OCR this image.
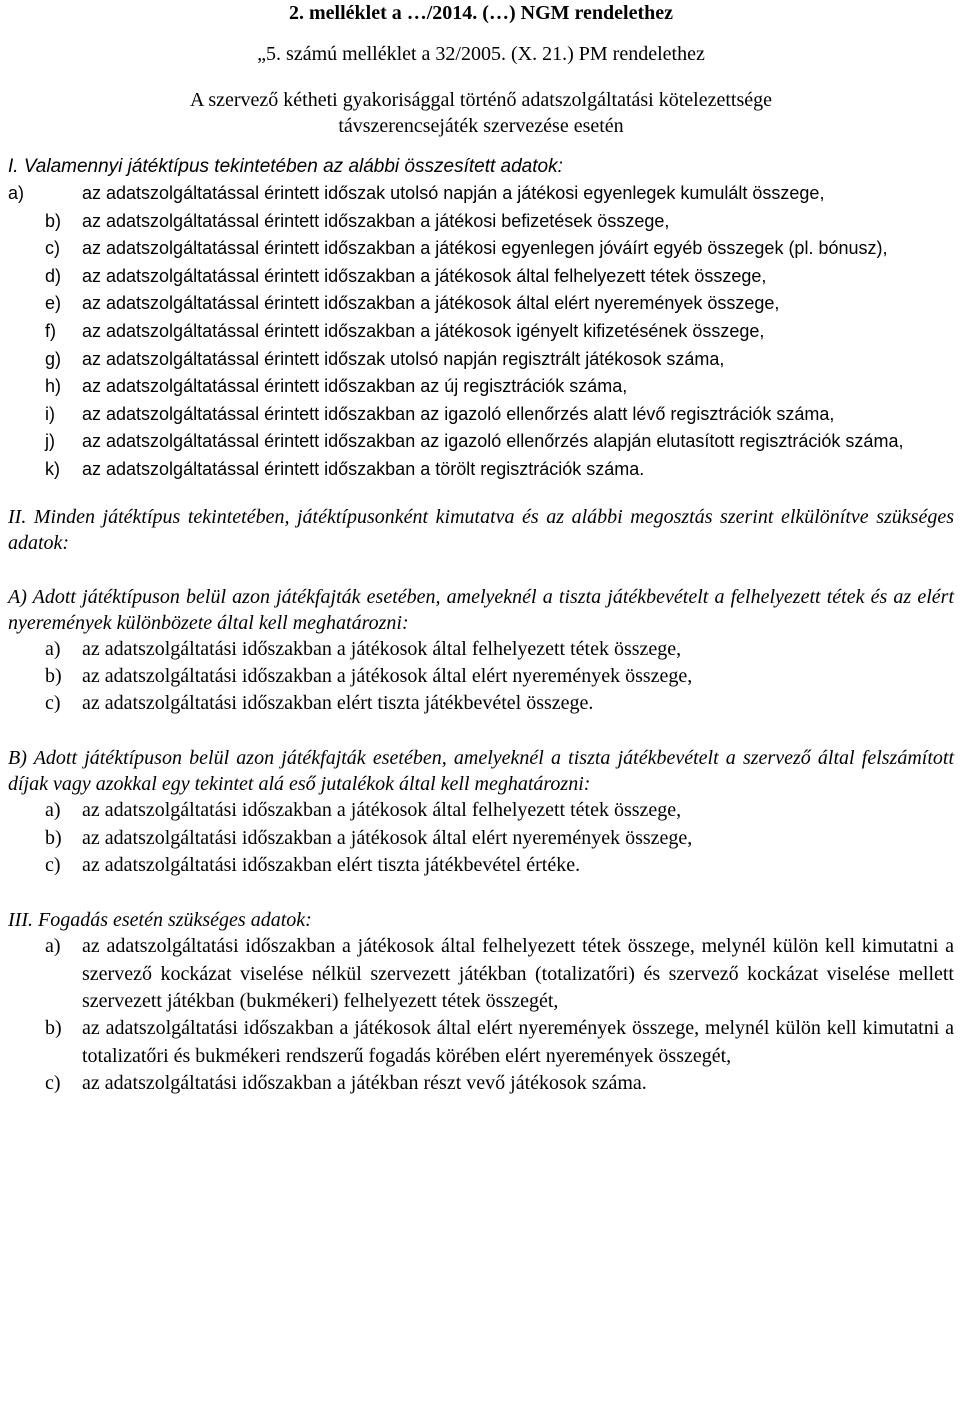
2. melléklet a …/2014. (…) NGM rendelethez
„5. számú melléklet a 32/2005. (X. 21.) PM rendelethez
A szervező kétheti gyakorisággal történő adatszolgáltatási kötelezettsége
távszerencsejáték szervezése esetén
I. Valamennyi játéktípus tekintetében az alábbi összesített adatok:
a)	az adatszolgáltatással érintett időszak utolsó napján a játékosi egyenlegek kumulált összege,
b) az adatszolgáltatással érintett időszakban a játékosi befizetések összege,
c) az adatszolgáltatással érintett időszakban a játékosi egyenlegen jóváírt egyéb összegek (pl. bónusz),
d) az adatszolgáltatással érintett időszakban a játékosok által felhelyezett tétek összege,
e) az adatszolgáltatással érintett időszakban a játékosok által elért nyeremények összege,
f) az adatszolgáltatással érintett időszakban a játékosok igényelt kifizetésének összege,
g) az adatszolgáltatással érintett időszak utolsó napján regisztrált játékosok száma,
h) az adatszolgáltatással érintett időszakban az új regisztrációk száma,
i) az adatszolgáltatással érintett időszakban az igazoló ellenőrzés alatt lévő regisztrációk száma,
j) az adatszolgáltatással érintett időszakban az igazoló ellenőrzés alapján elutasított regisztrációk száma,
k) az adatszolgáltatással érintett időszakban a törölt regisztrációk száma.
II. Minden játéktípus tekintetében, játéktípusonként kimutatva és az alábbi megosztás szerint elkülönítve szükséges adatok:
A) Adott játéktípuson belül azon játékfajták esetében, amelyeknél a tiszta játékbevételt a felhelyezett tétek és az elért nyeremények különbözete által kell meghatározni:
a) az adatszolgáltatási időszakban a játékosok által felhelyezett tétek összege,
b) az adatszolgáltatási időszakban a játékosok által elért nyeremények összege,
c) az adatszolgáltatási időszakban elért tiszta játékbevétel összege.
B) Adott játéktípuson belül azon játékfajták esetében, amelyeknél a tiszta játékbevételt a szervező által felszámított díjak vagy azokkal egy tekintet alá eső jutalékok által kell meghatározni:
a) az adatszolgáltatási időszakban a játékosok által felhelyezett tétek összege,
b) az adatszolgáltatási időszakban a játékosok által elért nyeremények összege,
c) az adatszolgáltatási időszakban elért tiszta játékbevétel értéke.
III. Fogadás esetén szükséges adatok:
a) az adatszolgáltatási időszakban a játékosok által felhelyezett tétek összege, melynél külön kell kimutatni a szervező kockázat viselése nélkül szervezett játékban (totalizatőri) és szervező kockázat viselése mellett szervezett játékban (bukmékeri) felhelyezett tétek összegét,
b) az adatszolgáltatási időszakban a játékosok által elért nyeremények összege, melynél külön kell kimutatni a totalizatőri és bukmékeri rendszerű fogadás körében elért nyeremények összegét,
c) az adatszolgáltatási időszakban a játékban részt vevő játékosok száma.
